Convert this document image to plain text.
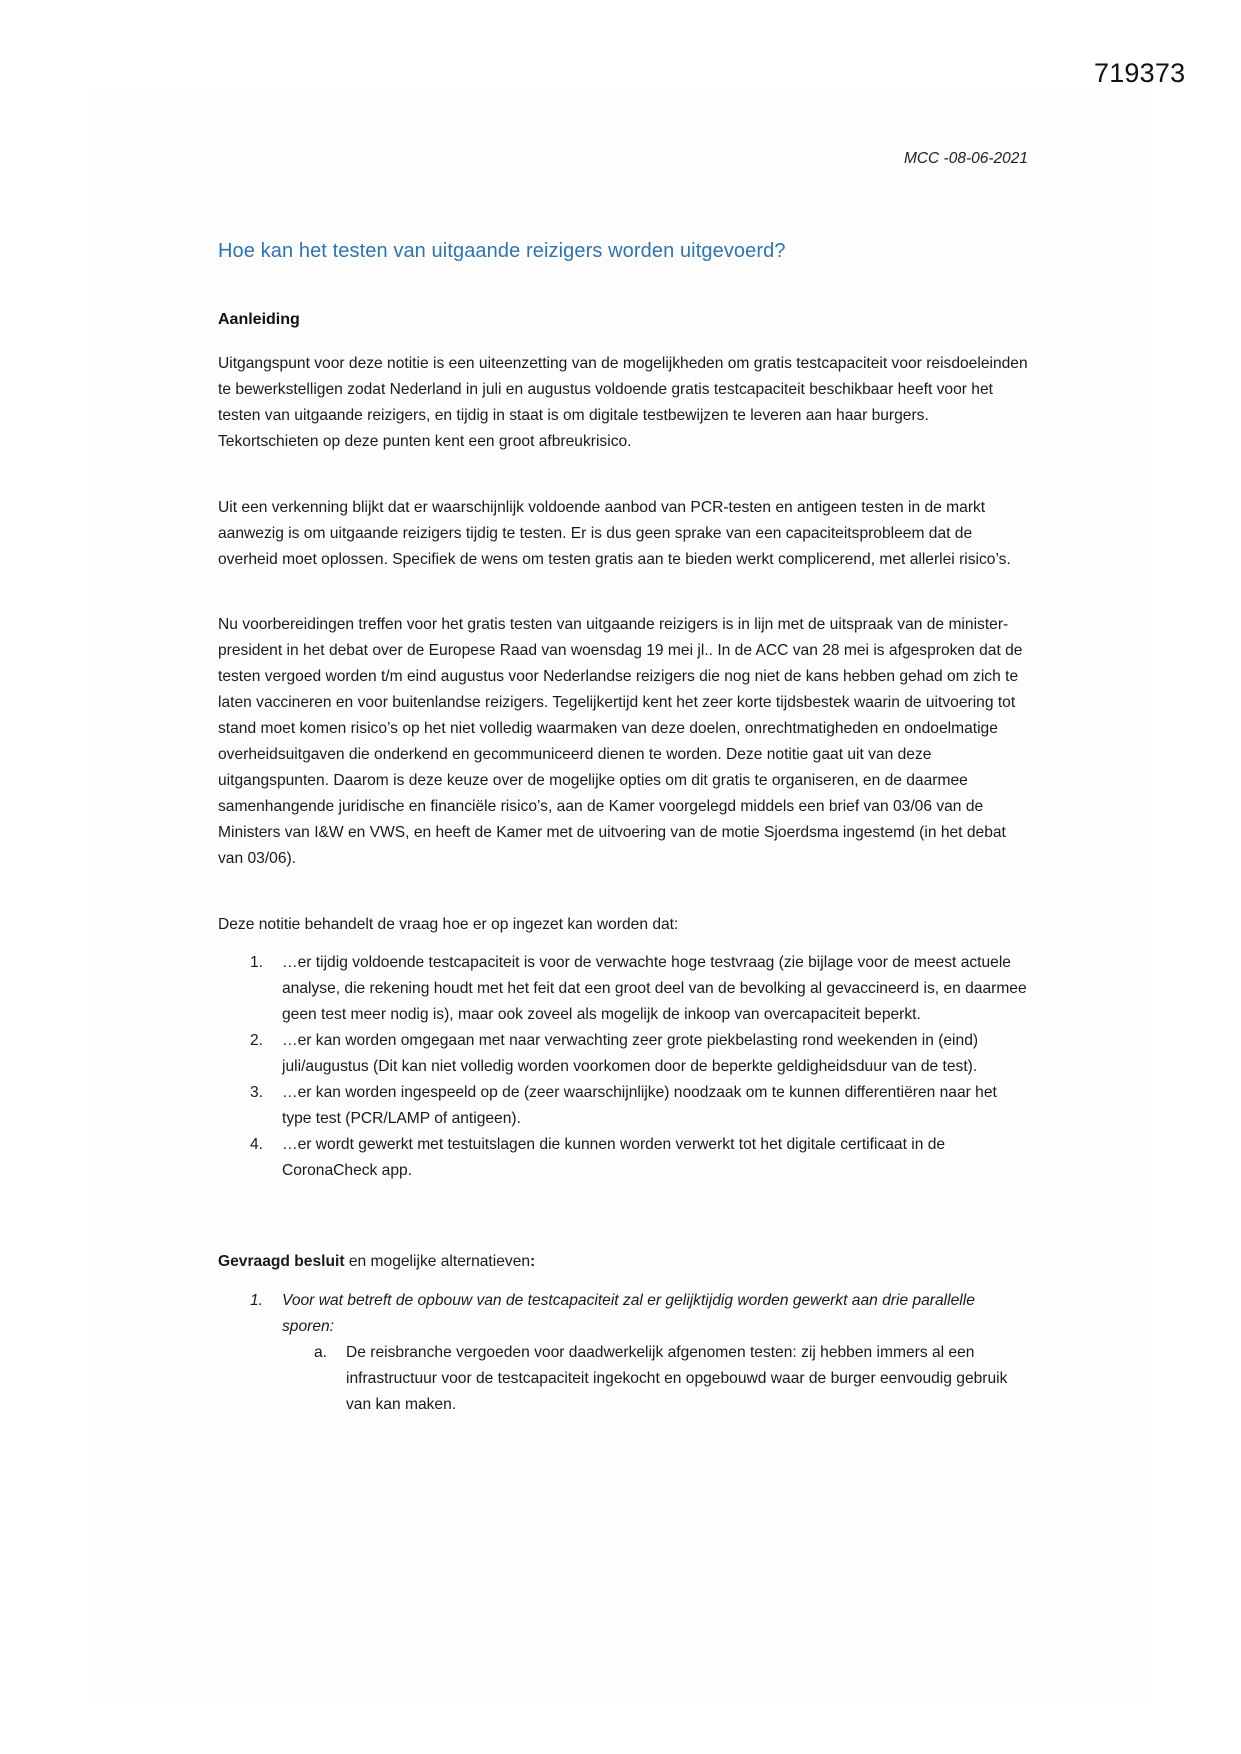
719373
MCC -08-06-2021
Hoe kan het testen van uitgaande reizigers worden uitgevoerd?
Aanleiding

Uitgangspunt voor deze notitie is een uiteenzetting van de mogelijkheden om gratis testcapaciteit voor reisdoeleinden te bewerkstelligen zodat Nederland in juli en augustus voldoende gratis testcapaciteit beschikbaar heeft voor het testen van uitgaande reizigers, en tijdig in staat is om digitale testbewijzen te leveren aan haar burgers. Tekortschieten op deze punten kent een groot afbreukrisico.

Uit een verkenning blijkt dat er waarschijnlijk voldoende aanbod van PCR-testen en antigeen testen in de markt aanwezig is om uitgaande reizigers tijdig te testen. Er is dus geen sprake van een capaciteitsprobleem dat de overheid moet oplossen. Specifiek de wens om testen gratis aan te bieden werkt complicerend, met allerlei risico’s.

Nu voorbereidingen treffen voor het gratis testen van uitgaande reizigers is in lijn met de uitspraak van de minister-president in het debat over de Europese Raad van woensdag 19 mei jl.. In de ACC van 28 mei is afgesproken dat de testen vergoed worden t/m eind augustus voor Nederlandse reizigers die nog niet de kans hebben gehad om zich te laten vaccineren en voor buitenlandse reizigers. Tegelijkertijd kent het zeer korte tijdsbestek waarin de uitvoering tot stand moet komen risico’s op het niet volledig waarmaken van deze doelen, onrechtmatigheden en ondoelmatige overheidsuitgaven die onderkend en gecommuniceerd dienen te worden. Deze notitie gaat uit van deze uitgangspunten. Daarom is deze keuze over de mogelijke opties om dit gratis te organiseren, en de daarmee samenhangende juridische en financiële risico’s, aan de Kamer voorgelegd middels een brief van 03/06 van de Ministers van I&W en VWS, en heeft de Kamer met de uitvoering van de motie Sjoerdsma ingestemd (in het debat van 03/06).

Deze notitie behandelt de vraag hoe er op ingezet kan worden dat:

1. …er tijdig voldoende testcapaciteit is voor de verwachte hoge testvraag (zie bijlage voor de meest actuele analyse, die rekening houdt met het feit dat een groot deel van de bevolking al gevaccineerd is, en daarmee geen test meer nodig is), maar ook zoveel als mogelijk de inkoop van overcapaciteit beperkt.
2. …er kan worden omgegaan met naar verwachting zeer grote piekbelasting rond weekenden in (eind) juli/augustus (Dit kan niet volledig worden voorkomen door de beperkte geldigheidsduur van de test).
3. …er kan worden ingespeeld op de (zeer waarschijnlijke) noodzaak om te kunnen differentiëren naar het type test (PCR/LAMP of antigeen).
4. …er wordt gewerkt met testuitslagen die kunnen worden verwerkt tot het digitale certificaat in de CoronaCheck app.
Gevraagd besluit en mogelijke alternatieven:
1. Voor wat betreft de opbouw van de testcapaciteit zal er gelijktijdig worden gewerkt aan drie parallelle sporen:
a. De reisbranche vergoeden voor daadwerkelijk afgenomen testen: zij hebben immers al een infrastructuur voor de testcapaciteit ingekocht en opgebouwd waar de burger eenvoudig gebruik van kan maken.
